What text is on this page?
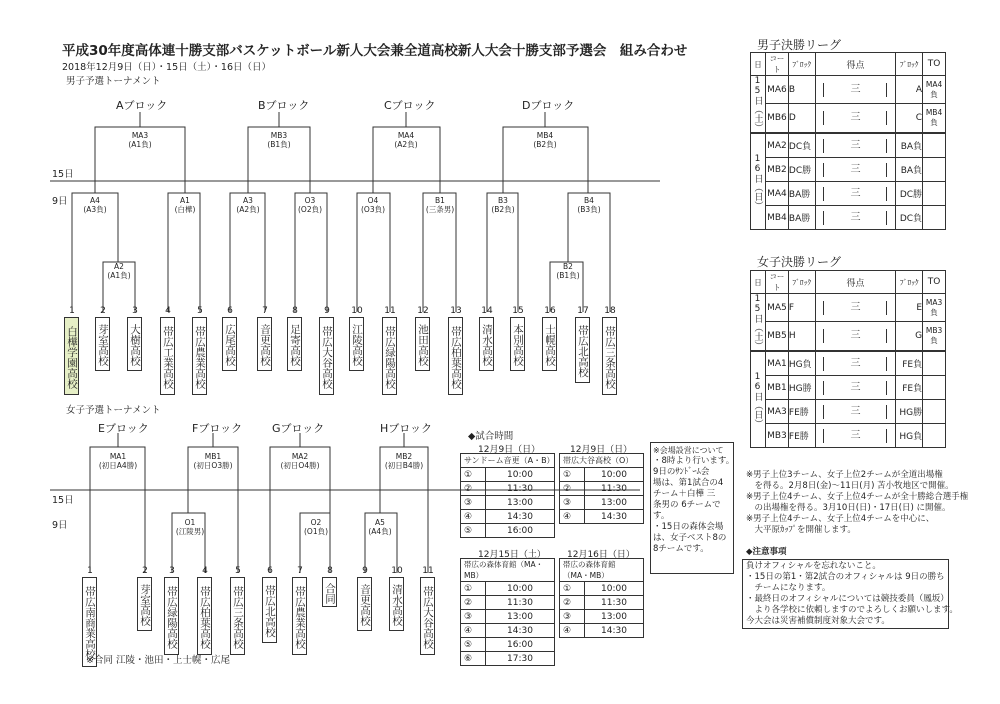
平成30年度高体連十勝支部バスケットボール新人大会兼全道高校新人大会十勝支部予選会　組み合わせ
2018年12月9日（日）・15日（土）・16日（日）
男子予選トーナメント
15日
9日
15日
9日
Aブロック	Bブロック	Cブロック	Dブロック
MA3
(A1負)
MB3
(B1負)
MA4
(A2負)
MB4
(B2負)
A4
(A3負)
A1
(白樺)
A3
(A2負)
O3
(O2負)
O4
(O3負)
B1
(三条男)
B3
(B2負)
B4
(B3負)
A2
(A1負)
B2
(B1負)
1
白樺学園高校
2
芽室高校
3
大樹高校
4
帯広工業高校
5
帯広農業高校
6
広尾高校
7
音更高校
8
足寄高校
9
帯広大谷高校
10
江陵高校
11
帯広緑陽高校
12
池田高校
13
帯広柏葉高校
14
清水高校
15
本別高校
16
士幌高校
17
帯広北高校
18
帯広三条高校
女子予選トーナメント
Eブロック	Fブロック	Gブロック	Hブロック
MA1
(初日A4勝)
MB1
(初日O3勝)
MA2
(初日O4勝)
MB2
(初日B4勝)
O1
(江陵男)
O2
(O1負)
A5
(A4負)
1
帯広南商業高校
2
芽室高校
3
帯広緑陽高校
4
帯広柏葉高校
5
帯広三条高校
6
帯広北高校
7
帯広農業高校
8
合同
9
音更高校
10
清水高校
11
帯広大谷高校
※合同 江陵・池田・上士幌・広尾
◆試合時間
12月9日（日）	12月9日（日）
サンドーム音更（A・B）	
①	10:00
②	11:30
③	13:00
④	14:30
⑤	16:00
帯広大谷高校（O）	
①	10:00
②	11:30
③	13:00
④	14:30
12月15日（土） 12月16日（日）
帯広の森体育館（MA・MB）	
①	10:00
②	11:30
③	13:00
④	14:30
⑤	16:00
⑥	17:30
帯広の森体育館（MA・MB）	
①	10:00
②	11:30
③	13:00
④	14:30
※会場設営について
・8時より行います。
9日のｻﾝﾄﾞｰﾑ会
場は、第1試合の4
チーム＋白樺 三
条男の 6チームで
す。
・15日の森体会場
は、女子ベスト8の
8チームです。
男子決勝リーグ
日	コート	ﾌﾞﾛｯｸ	得点	ﾌﾞﾛｯｸ	TO
15日（土）	MA6	B	三	A	MA4負
	MB6	D	三	C	MB4負
16日（日）	MA2	DC負	三	BA負	
	MB2	DC勝	三	BA負	
	MA4	BA勝	三	DC勝	
	MB4	BA勝	三	DC負	
女子決勝リーグ
日	コート	ﾌﾞﾛｯｸ	得点	ﾌﾞﾛｯｸ	TO
15日（土）	MA5	F	三	E	MA3負
	MB5	H	三	G	MB3負
16日（日）	MA1	HG負	三	FE負	
	MB1	HG勝	三	FE負	
	MA3	FE勝	三	HG勝	
	MB3	FE勝	三	HG負	
※男子上位3チーム、女子上位2チームが全道出場権
　を得る。2月8日(金)〜11日(月) 苫小牧地区で開催。
※男子上位4チーム、女子上位4チームが全十勝総合選手権
　の出場権を得る。3月10日(日)・17日(日) に開催。
※男子上位4チーム、女子上位4チームを中心に、
　大平原ｶｯﾌﾟを開催します。
◆注意事項
負けオフィシャルを忘れないこと。
・15日の第1・第2試合のオフィシャルは 9日の勝ち
　チームになります。
・最終日のオフィシャルについては競技委員（鳳坂）
　より各学校に依頼しますのでよろしくお願いします。
今大会は災害補償制度対象大会です。
